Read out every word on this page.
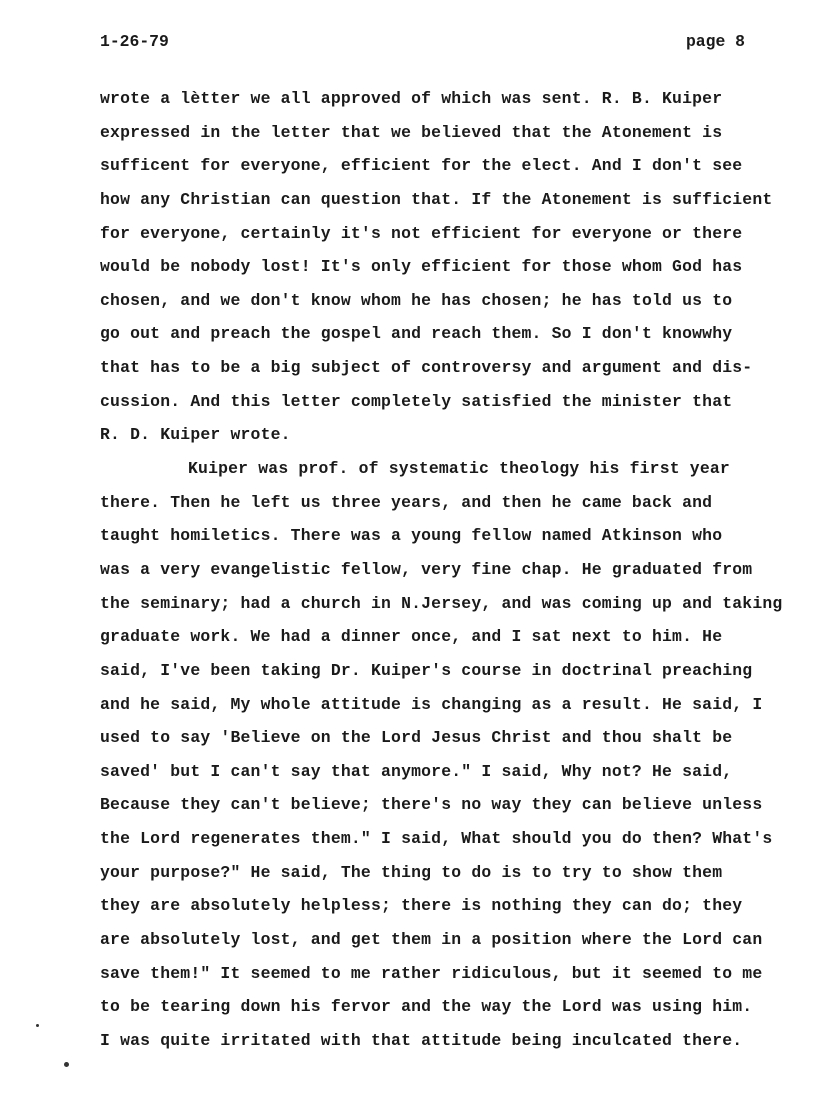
1-26-79	page 8
wrote a lètter we all approved of which was sent. R. B. Kuiper
expressed in the letter that we believed that the Atonement is
sufficent for everyone, efficient for the elect. And I don't see
how any Christian can question that. If the Atonement is sufficient
for everyone, certainly it's not efficient for everyone or there
would be nobody lost! It's only efficient for those whom God has
chosen, and we don't know whom he has chosen; he has told us to
go out and preach the gospel and reach them. So I don't knowwhy
that has to be a big subject of controversy and argument and dis-
cussion. And this letter completely satisfied the minister that
R. D. Kuiper wrote.
Kuiper was prof. of systematic theology his first year
there. Then he left us three years, and then he came back and
taught homiletics. There was a young fellow named Atkinson who
was a very evangelistic fellow, very fine chap. He graduated from
the seminary; had a church in N.Jersey, and was coming up and taking
graduate work. We had a dinner once, and I sat next to him. He
said, I've been taking Dr. Kuiper's course in doctrinal preaching
and he said, My whole attitude is changing as a result. He said, I
used to say 'Believe on the Lord Jesus Christ and thou shalt be
saved' but I can't say that anymore." I said, Why not? He said,
Because they can't believe; there's no way they can believe unless
the Lord regenerates them." I said, What should you do then? What's
your purpose?" He said, The thing to do is to try to show them
they are absolutely helpless; there is nothing they can do; they
are absolutely lost, and get them in a position where the Lord can
save them!" It seemed to me rather ridiculous, but it seemed to me
to be tearing down his fervor and the way the Lord was using him.
I was quite irritated with that attitude being inculcated there.
